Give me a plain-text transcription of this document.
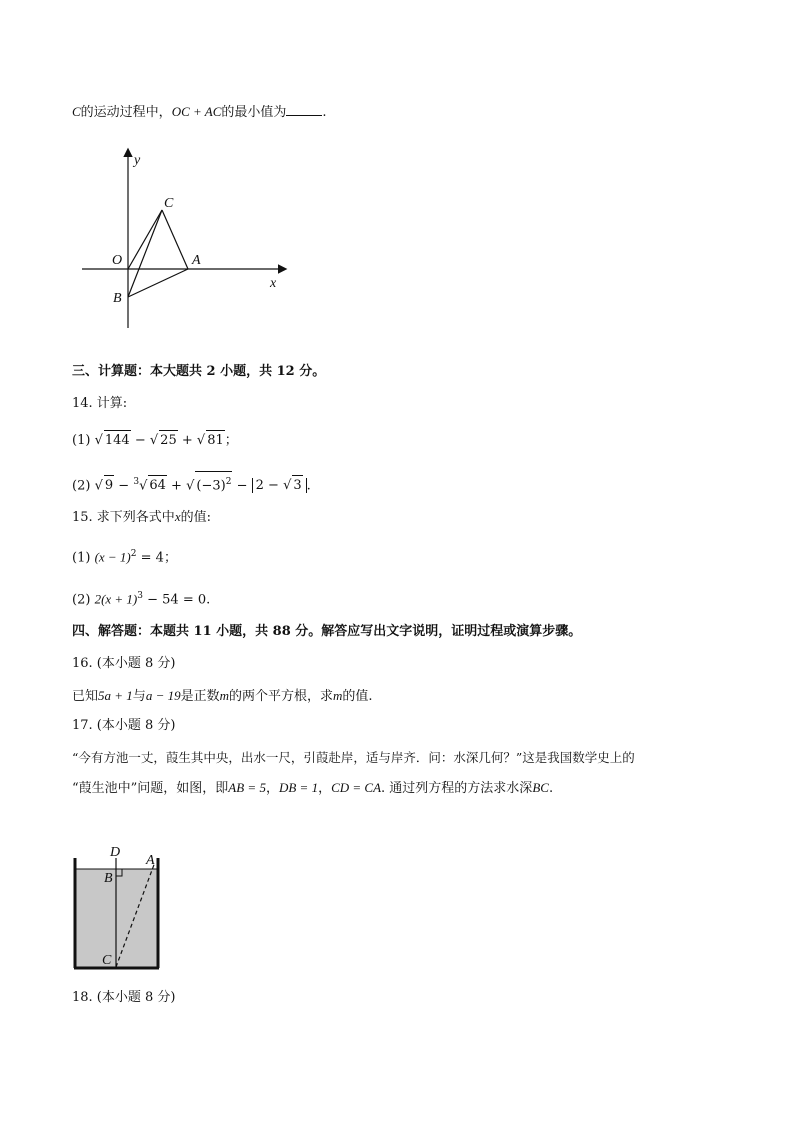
C的运动过程中，OC + AC的最小值为	.
y
C
O	A
x
B
三、计算题：本大题共 2 小题，共 12 分。
14. 计算:
(1) √ 144 − √ 25 + √ 81；
(2) √ 9 − $^3$√ 64 + √ $(-3)^2 - 2$ − √ 3 .
15. 求下列各式中x的值:
(1) $(x - 1)^2 = 4$；
(2) $2(x + 1)^3 - 54 = 0$.
四、解答题：本题共 11 小题，共 88 分。解答应写出文字说明，证明过程或演算步骤。
16. (本小题 8 分)
已知5a + 1与a − 19是正数m的两个平方根，求m的值.
17. (本小题 8 分)
“今有方池一丈，葭生其中央，出水一尺，引葭赴岸，适与岸齐．问：水深几何？”这是我国数学史上的
“葭生池中”问题，如图，即AB = 5，DB = 1，CD = CA. 通过列方程的方法求水深BC.
D
A
B
C
18. (本小题 8 分)
